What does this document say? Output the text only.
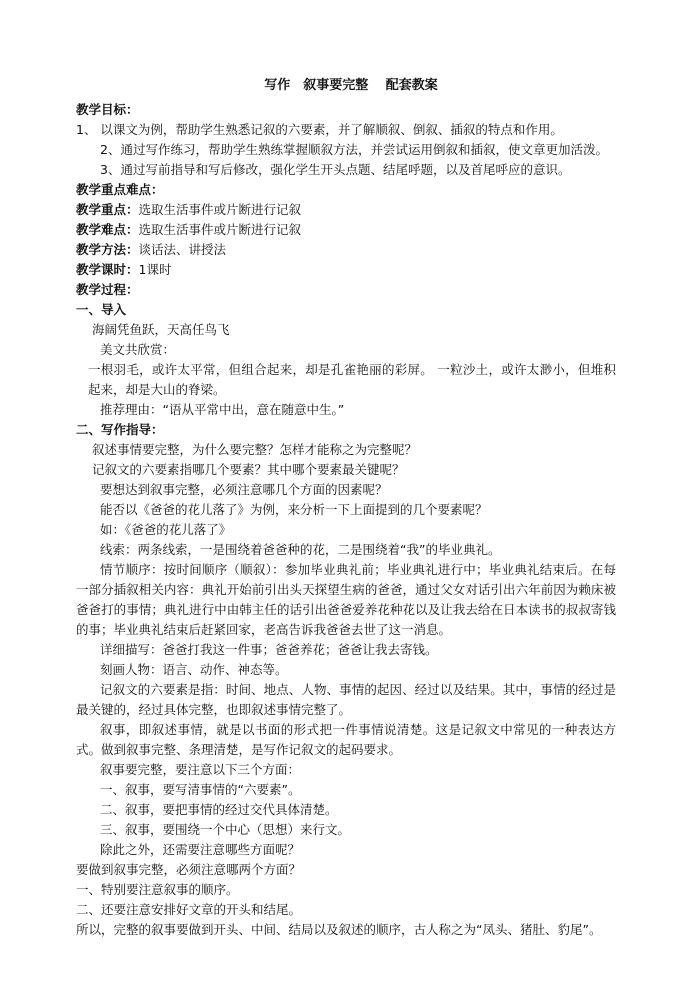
写作　叙事要完整　 配套教案
教学目标：
1、 以课文为例，帮助学生熟悉记叙的六要素，并了解顺叙、倒叙、插叙的特点和作用。
2、通过写作练习，帮助学生熟练掌握顺叙方法，并尝试运用倒叙和插叙，使文章更加活泼。
3、通过写前指导和写后修改，强化学生开头点题、结尾呼题，以及首尾呼应的意识。
教学重点难点：
教学重点：选取生活事件或片断进行记叙
教学难点：选取生活事件或片断进行记叙
教学方法：谈话法、讲授法
教学课时：1课时
教学过程：
一、导入
海阔凭鱼跃，天高任鸟飞
美文共欣赏：
一根羽毛，或许太平常，但组合起来，却是孔雀艳丽的彩屏。 一粒沙土，或许太渺小，但堆积起来，却是大山的脊梁。
推荐理由：“语从平常中出，意在随意中生。”
二、写作指导：
叙述事情要完整，为什么要完整？怎样才能称之为完整呢？
记叙文的六要素指哪几个要素？其中哪个要素最关键呢？
要想达到叙事完整，必须注意哪几个方面的因素呢？
能否以《爸爸的花儿落了》为例，来分析一下上面提到的几个要素呢？
如：《爸爸的花儿落了》
线索：两条线索，一是围绕着爸爸种的花，二是围绕着“我”的毕业典礼。
情节顺序：按时间顺序（顺叙）：参加毕业典礼前；毕业典礼进行中；毕业典礼结束后。在每一部分插叙相关内容：典礼开始前引出头天探望生病的爸爸，通过父女对话引出六年前因为赖床被爸爸打的事情；典礼进行中由韩主任的话引出爸爸爱养花种花以及让我去给在日本读书的叔叔寄钱的事；毕业典礼结束后赶紧回家，老高告诉我爸爸去世了这一消息。
详细描写：爸爸打我这一件事；爸爸养花；爸爸让我去寄钱。
刻画人物：语言、动作、神态等。
记叙文的六要素是指：时间、地点、人物、事情的起因、经过以及结果。其中，事情的经过是最关键的，经过具体完整，也即叙述事情完整了。
叙事，即叙述事情，就是以书面的形式把一件事情说清楚。这是记叙文中常见的一种表达方式。做到叙事完整、条理清楚，是写作记叙文的起码要求。
叙事要完整，要注意以下三个方面：
一、叙事，要写清事情的“六要素”。
二、叙事，要把事情的经过交代具体清楚。
三、叙事，要围绕一个中心（思想）来行文。
除此之外，还需要注意哪些方面呢？
要做到叙事完整，必须注意哪两个方面？
一、特别要注意叙事的顺序。
二、还要注意安排好文章的开头和结尾。
所以，完整的叙事要做到开头、中间、结局以及叙述的顺序，古人称之为“凤头、猪肚、豹尾”。
